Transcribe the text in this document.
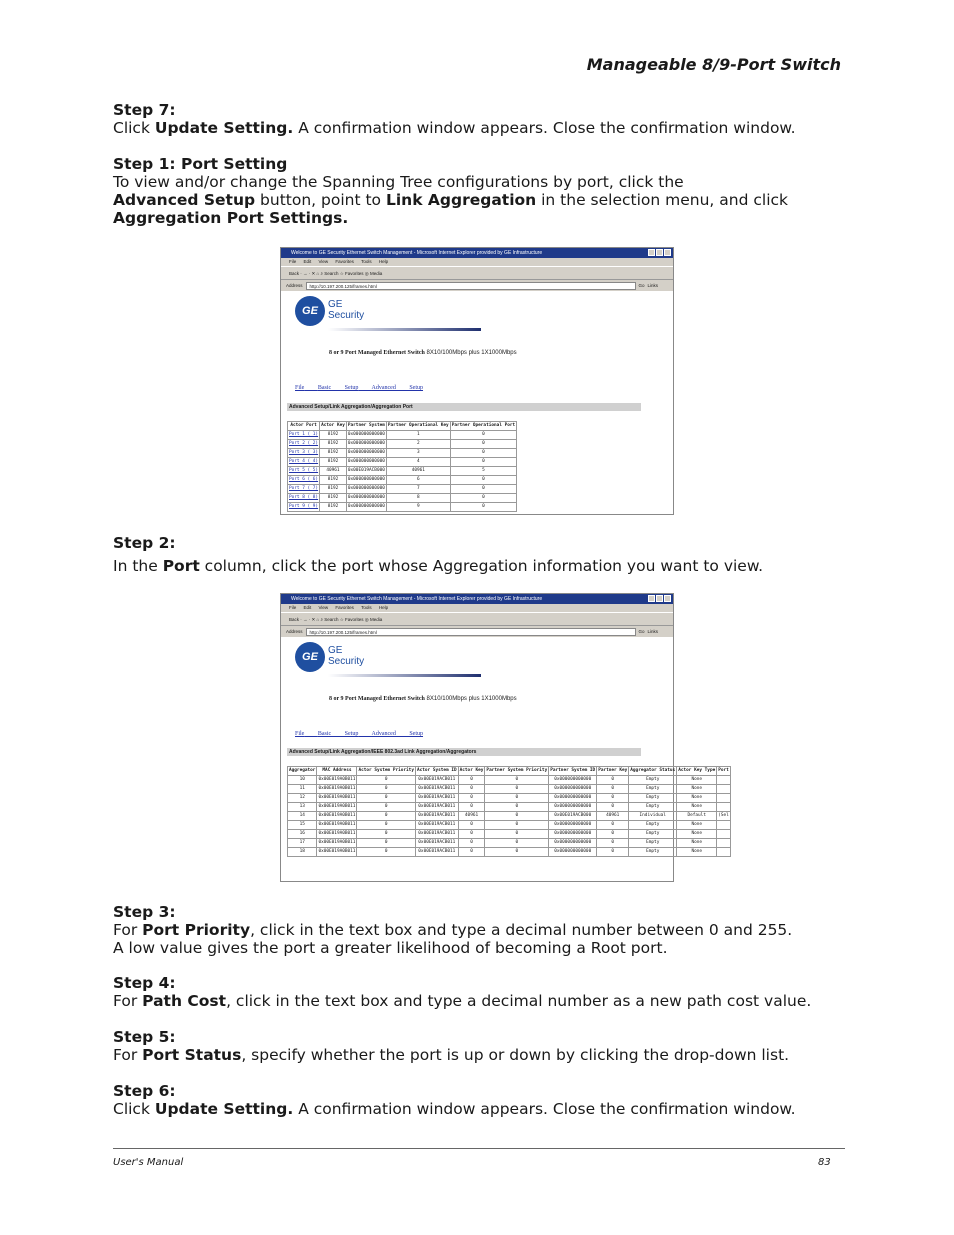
Manageable 8/9-Port Switch
Step 7:
Click Update Setting. A confirmation window appears. Close the confirmation window.
Step 1: Port Setting
To view and/or change the Spanning Tree configurations by port, click the
Advanced Setup button, point to Link Aggregation in the selection menu, and click Aggregation Port Settings.
Welcome to GE Security Ethernet Switch Management - Microsoft Internet Explorer provided by GE Infrastructure
File Edit View Favorites Tools Help
Back · → · ✕ ⌂ ⌕ Search ☆ Favorites ◎ Media
Address	http://10.197.200.125/frames.html	Go Links
GE
GE
Security
8 or 9 Port Managed Ethernet Switch 8X10/100Mbps plus 1X1000Mbps
File Basic Setup Advanced Setup
Advanced Setup/Link Aggregation/Aggregation Port
Actor Port	Actor Key	Partner System	Partner Operational Key	Partner Operational Port
Port 1 ( 1)	8192	0x000000000000	1	0
Port 2 ( 2)	8192	0x000000000000	2	0
Port 3 ( 3)	8192	0x000000000000	3	0
Port 4 ( 4)	8192	0x000000000000	4	0
Port 5 ( 5)	40961	0x00E019ACB000	40961	5
Port 6 ( 6)	8192	0x000000000000	6	0
Port 7 ( 7)	8192	0x000000000000	7	0
Port 8 ( 8)	8192	0x000000000000	8	0
Port 9 ( 9)	8192	0x000000000000	9	0
Step 2:
In the Port column, click the port whose Aggregation information you want to view.
Welcome to GE Security Ethernet Switch Management - Microsoft Internet Explorer provided by GE Infrastructure
File Edit View Favorites Tools Help
Back · → · ✕ ⌂ ⌕ Search ☆ Favorites ◎ Media
Address	http://10.197.200.125/frames.html	Go Links
GE
GE
Security
8 or 9 Port Managed Ethernet Switch 8X10/100Mbps plus 1X1000Mbps
File Basic Setup Advanced Setup
Advanced Setup/Link Aggregation/IEEE 802.3ad Link Aggregation/Aggregators
Aggregator	MAC Address	Actor System Priority	Actor System ID	Actor Key	Partner System Priority	Partner System ID	Partner Key	Aggregator Status	Actor Key Type	Port
10	0x00E019A0B011	0	0x00E019ACB011	0	0	0x000000000000	0	Empty	None	
11	0x00E019A0B011	0	0x00E019ACB011	0	0	0x000000000000	0	Empty	None	
12	0x00E019A0B011	0	0x00E019ACB011	0	0	0x000000000000	0	Empty	None	
13	0x00E019A0B011	0	0x00E019ACB011	0	0	0x000000000000	0	Empty	None	
14	0x00E019A0B011	0	0x00E019ACB011	40961	0	0x00E019ACB000	40961	Individual	Default	(Sel
15	0x00E019A0B011	0	0x00E019ACB011	0	0	0x000000000000	0	Empty	None	
16	0x00E019A0B011	0	0x00E019ACB011	0	0	0x000000000000	0	Empty	None	
17	0x00E019A0B011	0	0x00E019ACB011	0	0	0x000000000000	0	Empty	None	
18	0x00E019A0B011	0	0x00E019ACB011	0	0	0x000000000000	0	Empty	None	
Step 3:
For Port Priority, click in the text box and type a decimal number between 0 and 255.
A low value gives the port a greater likelihood of becoming a Root port.
Step 4:
For Path Cost, click in the text box and type a decimal number as a new path cost value.
Step 5:
For Port Status, specify whether the port is up or down by clicking the drop-down list.
Step 6:
Click Update Setting. A confirmation window appears. Close the confirmation window.
User's Manual	83
